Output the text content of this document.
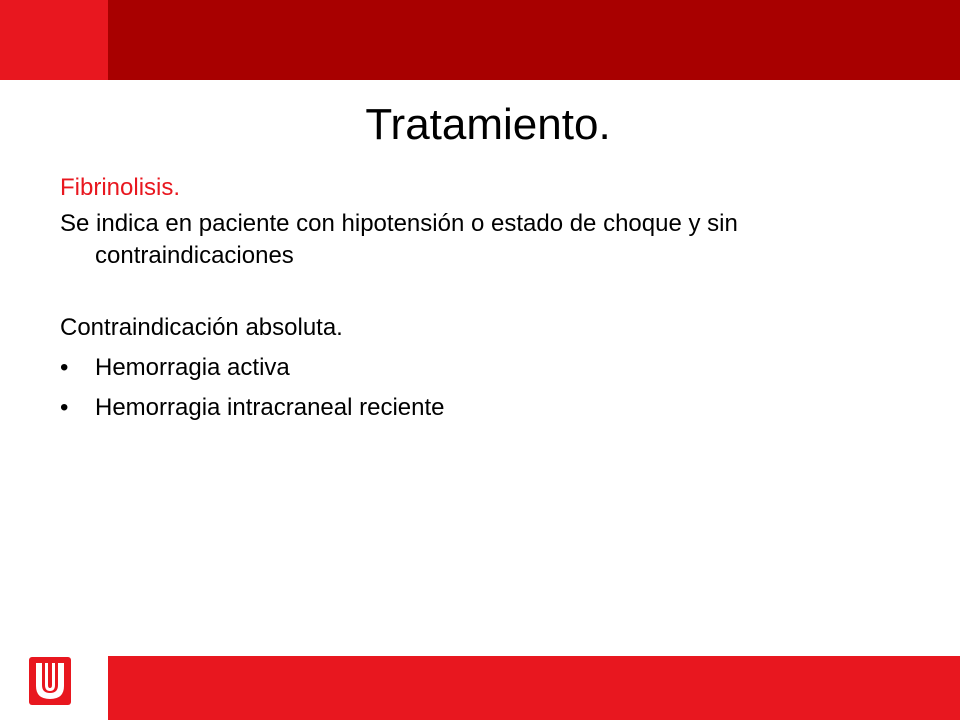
Tratamiento.

Fibrinolisis.

Se indica en paciente con hipotensión o estado de choque y sin contraindicaciones

Contraindicación absoluta.

• Hemorragia activa
• Hemorragia intracraneal reciente
